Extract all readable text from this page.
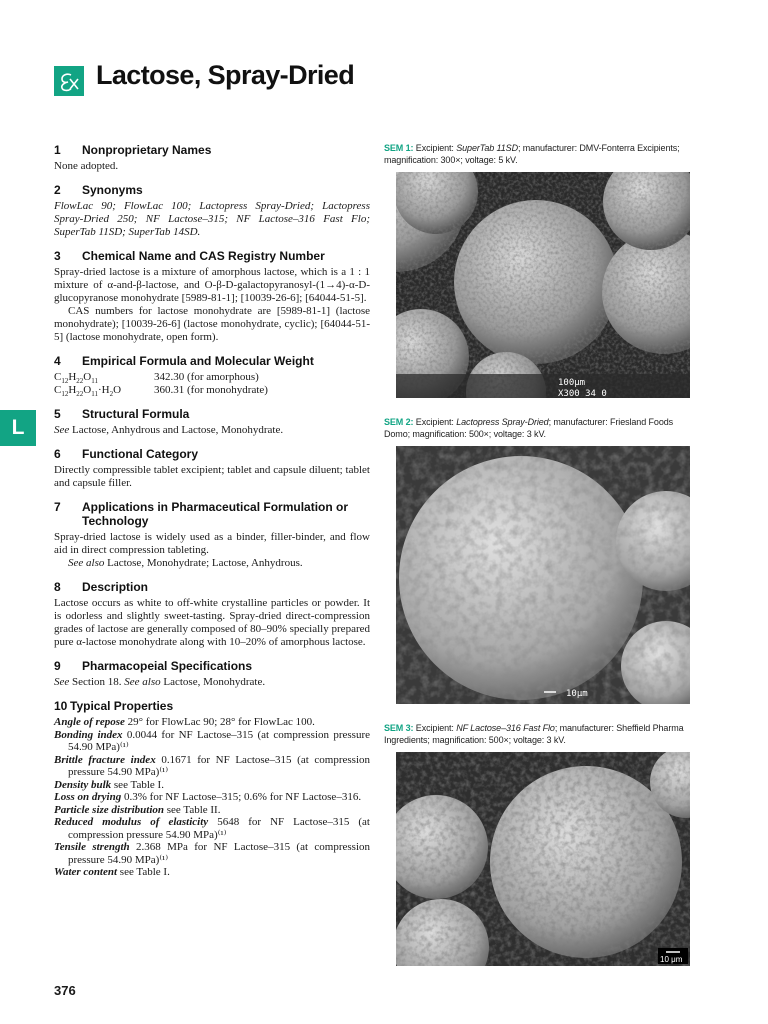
Lactose, Spray-Dried
L
1	Nonproprietary Names

None adopted.

2	Synonyms

FlowLac 90; FlowLac 100; Lactopress Spray-Dried; Lactopress Spray-Dried 250; NF Lactose–315; NF Lactose–316 Fast Flo; SuperTab 11SD; SuperTab 14SD.

3	Chemical Name and CAS Registry Number

Spray-dried lactose is a mixture of amorphous lactose, which is a 1 : 1 mixture of α-and-β-lactose, and O-β-D-galactopyranosyl-(1→4)-α-D-glucopyranose monohydrate [5989-81-1]; [10039-26-6]; [64044-51-5].

CAS numbers for lactose monohydrate are [5989-81-1] (lactose monohydrate); [10039-26-6] (lactose monohydrate, cyclic); [64044-51-5] (lactose monohydrate, open form).

4	Empirical Formula and Molecular Weight
$C_{12}H_{22}O_{11}$	342.30 (for amorphous)
$C_{12}H_{22}O_{11}\cdot H_2O$	360.31 (for monohydrate)
5	Structural Formula

See Lactose, Anhydrous and Lactose, Monohydrate.

6	Functional Category

Directly compressible tablet excipient; tablet and capsule diluent; tablet and capsule filler.

7	Applications in Pharmaceutical Formulation or Technology

Spray-dried lactose is widely used as a binder, filler-binder, and flow aid in direct compression tableting.

See also Lactose, Monohydrate; Lactose, Anhydrous.

8	Description

Lactose occurs as white to off-white crystalline particles or powder. It is odorless and slightly sweet-tasting. Spray-dried direct-compression grades of lactose are generally composed of 80–90% specially prepared pure α-lactose monohydrate along with 10–20% of amorphous lactose.

9	Pharmacopeial Specifications

See Section 18. See also Lactose, Monohydrate.

10 Typical Properties

Angle of repose 29° for FlowLac 90; 28° for FlowLac 100.

Bonding index 0.0044 for NF Lactose–315 (at compression pressure 54.90 MPa)⁽¹⁾

Brittle fracture index 0.1671 for NF Lactose–315 (at compression pressure 54.90 MPa)⁽¹⁾

Density bulk see Table I.

Loss on drying 0.3% for NF Lactose–315; 0.6% for NF Lactose–316.

Particle size distribution see Table II.

Reduced modulus of elasticity 5648 for NF Lactose–315 (at compression pressure 54.90 MPa)⁽¹⁾

Tensile strength 2.368 MPa for NF Lactose–315 (at compression pressure 54.90 MPa)⁽¹⁾

Water content see Table I.

SEM 1: Excipient: SuperTab 11SD; manufacturer: DMV-Fonterra Excipients; magnification: 300×; voltage: 5 kV.
100μm
X300 34 0
SEM 2: Excipient: Lactopress Spray-Dried; manufacturer: Friesland Foods Domo; magnification: 500×; voltage: 3 kV.
10μm
SEM 3: Excipient: NF Lactose–316 Fast Flo; manufacturer: Sheffield Pharma Ingredients; magnification: 500×; voltage: 3 kV.
10 μm
376
